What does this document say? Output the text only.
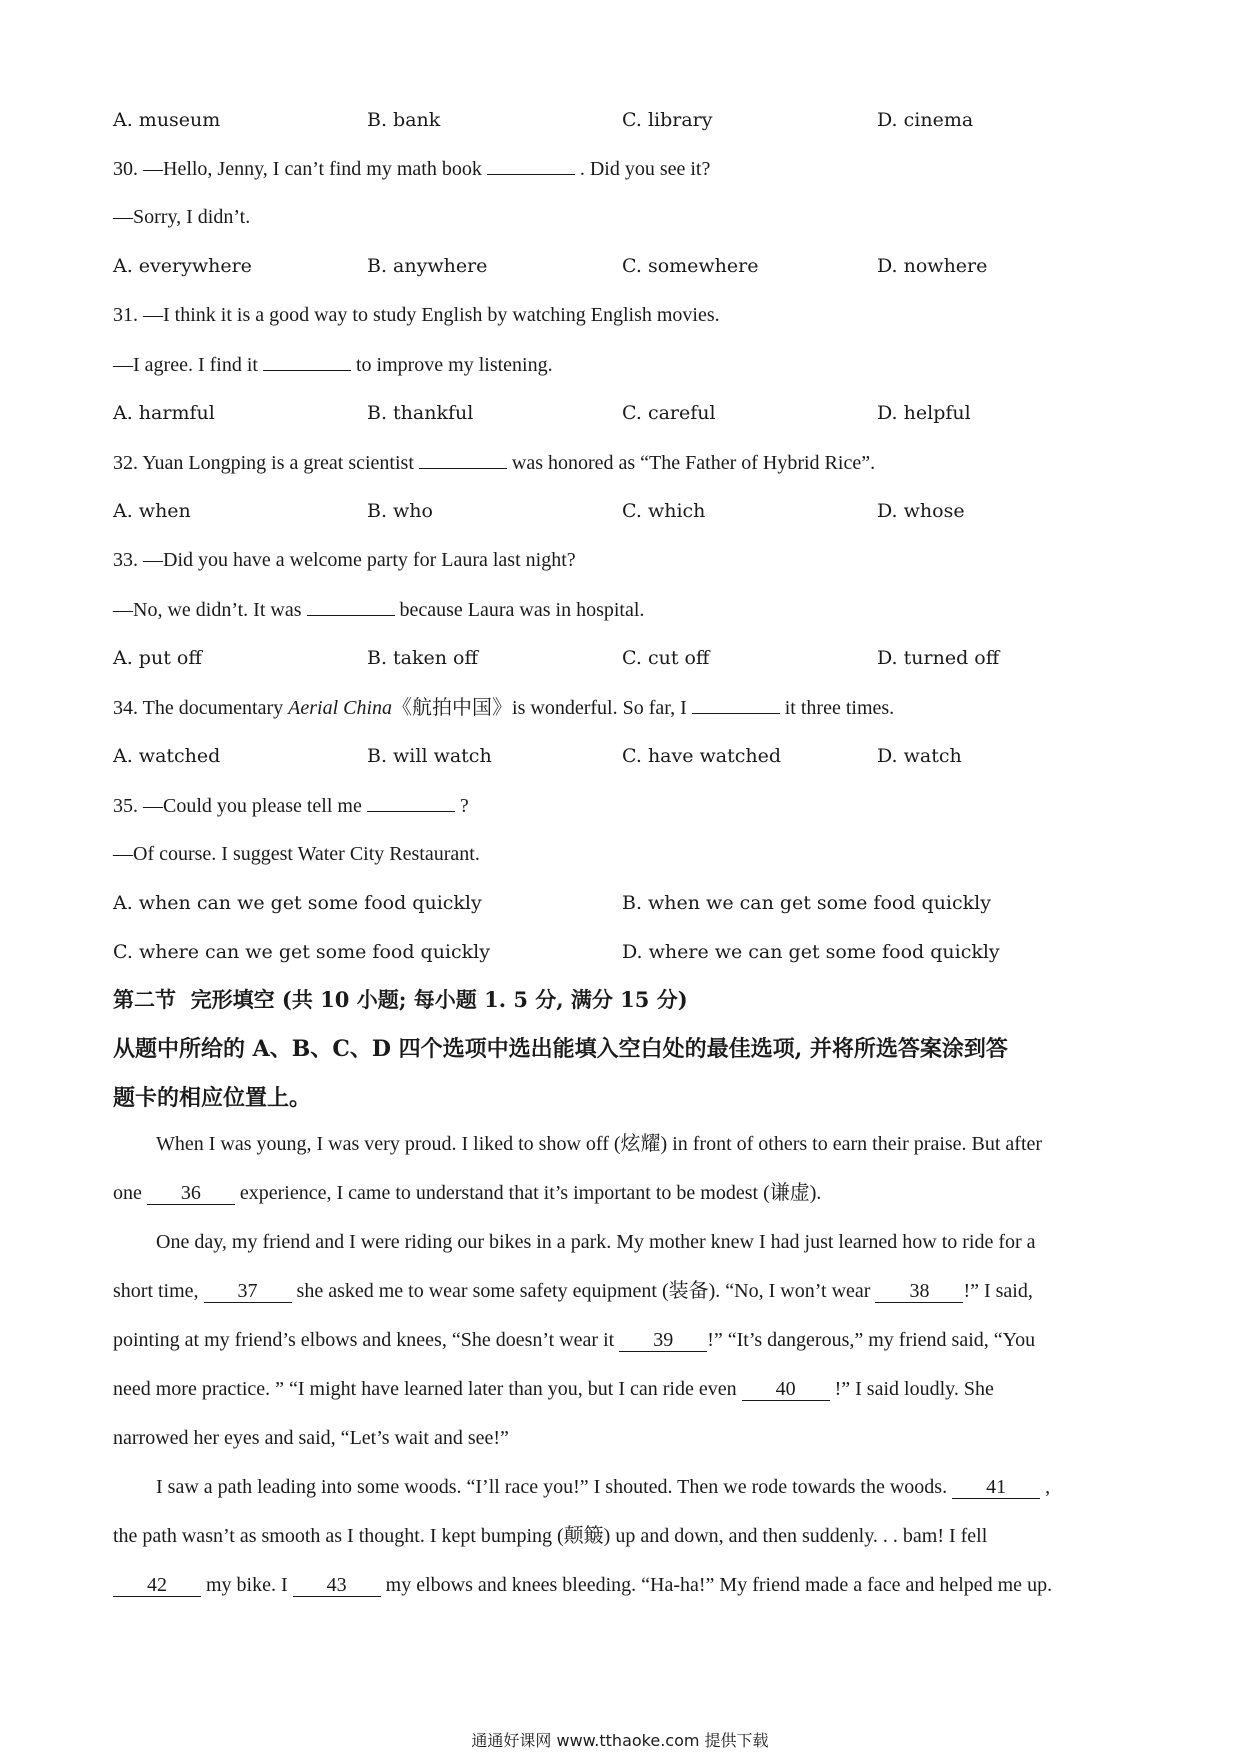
A. museum	B. bank	C. library	D. cinema
30. —Hello, Jenny, I can’t find my math book	. Did you see it?
—Sorry, I didn’t.
A. everywhere	B. anywhere	C. somewhere	D. nowhere
31. —I think it is a good way to study English by watching English movies.
—I agree. I find it	to improve my listening.
A. harmful	B. thankful	C. careful	D. helpful
32. Yuan Longping is a great scientist	was honored as “The Father of Hybrid Rice”.
A. when	B. who	C. which	D. whose
33. —Did you have a welcome party for Laura last night?
—No, we didn’t. It was	because Laura was in hospital.
A. put off	B. taken off	C. cut off	D. turned off
34. The documentary Aerial China《航拍中国》is wonderful. So far, I	it three times.
A. watched	B. will watch	C. have watched	D. watch
35. —Could you please tell me	?
—Of course. I suggest Water City Restaurant.
A. when can we get some food quickly	B. when we can get some food quickly
C. where can we get some food quickly	D. where we can get some food quickly
第二节  完形填空 (共 10 小题; 每小题 1. 5 分, 满分 15 分)
从题中所给的 A、B、C、D 四个选项中选出能填入空白处的最佳选项, 并将所选答案涂到答
题卡的相应位置上。
When I was young, I was very proud. I liked to show off (炫耀) in front of others to earn their praise. But after
one 36 experience, I came to understand that it’s important to be modest (谦虚).
One day, my friend and I were riding our bikes in a park. My mother knew I had just learned how to ride for a
short time, 37 she asked me to wear some safety equipment (装备). “No, I won’t wear 38 !” I said,
pointing at my friend’s elbows and knees, “She doesn’t wear it 39 !” “It’s dangerous,” my friend said, “You
need more practice. ” “I might have learned later than you, but I can ride even 40 !” I said loudly. She
narrowed her eyes and said, “Let’s wait and see!”
I saw a path leading into some woods. “I’ll race you!” I shouted. Then we rode towards the woods. 41 ,
the path wasn’t as smooth as I thought. I kept bumping (颠簸) up and down, and then suddenly. . . bam! I fell
42 my bike. I 43 my elbows and knees bleeding. “Ha-ha!” My friend made a face and helped me up.
通通好课网 www.tthaoke.com 提供下载
